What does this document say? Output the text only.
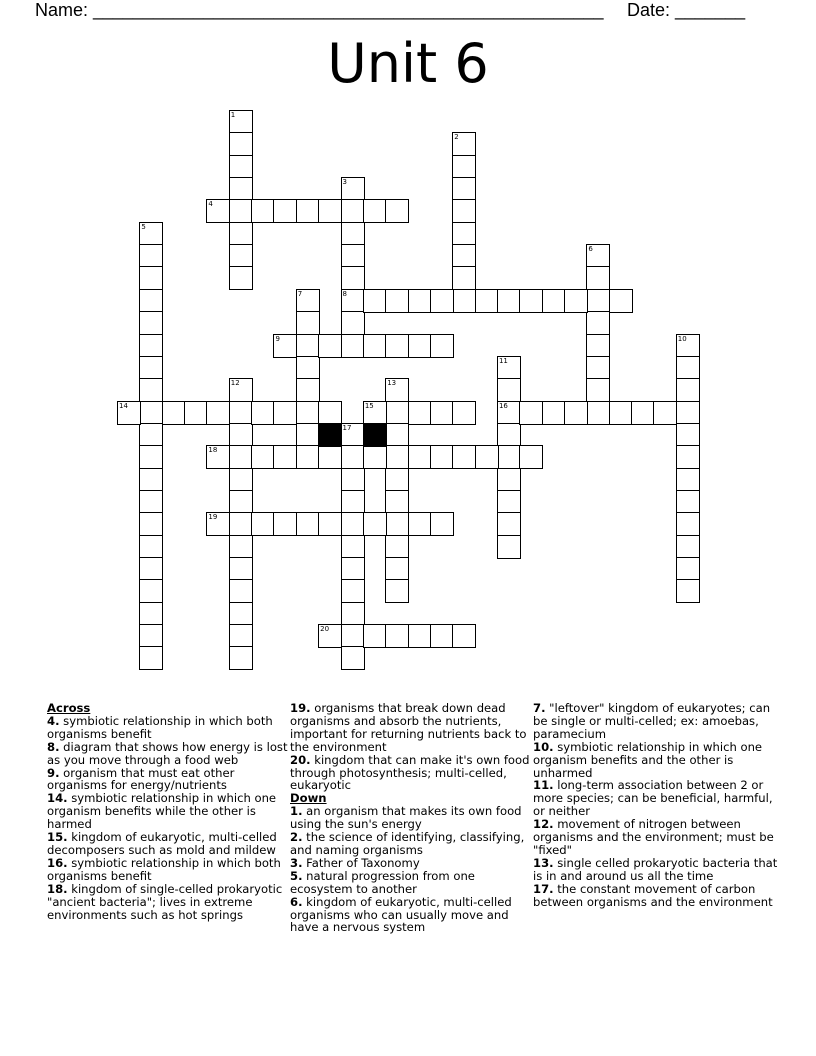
Name: ___________________________________________________ Date: _______
Unit 6
1
2
3
8
4
5
6
7
9	10
11
16
12	13
14	15
17
18
19
20
Across
4. symbiotic relationship in which both organisms benefit
8. diagram that shows how energy is lost as you move through a food web
9. organism that must eat other organisms for energy/nutrients
14. symbiotic relationship in which one organism benefits while the other is harmed
15. kingdom of eukaryotic, multi-celled decomposers such as mold and mildew
16. symbiotic relationship in which both organisms benefit
18. kingdom of single-celled prokaryotic "ancient bacteria"; lives in extreme environments such as hot springs
19. organisms that break down dead organisms and absorb the nutrients, important for returning nutrients back to the environment
20. kingdom that can make it's own food through photosynthesis; multi-celled, eukaryotic
Down
1. an organism that makes its own food using the sun's energy
2. the science of identifying, classifying, and naming organisms
3. Father of Taxonomy
5. natural progression from one ecosystem to another
6. kingdom of eukaryotic, multi-celled organisms who can usually move and have a nervous system
7. "leftover" kingdom of eukaryotes; can be single or multi-celled; ex: amoebas, paramecium
10. symbiotic relationship in which one organism benefits and the other is unharmed
11. long-term association between 2 or more species; can be beneficial, harmful, or neither
12. movement of nitrogen between organisms and the environment; must be "fixed"
13. single celled prokaryotic bacteria that is in and around us all the time
17. the constant movement of carbon between organisms and the environment
